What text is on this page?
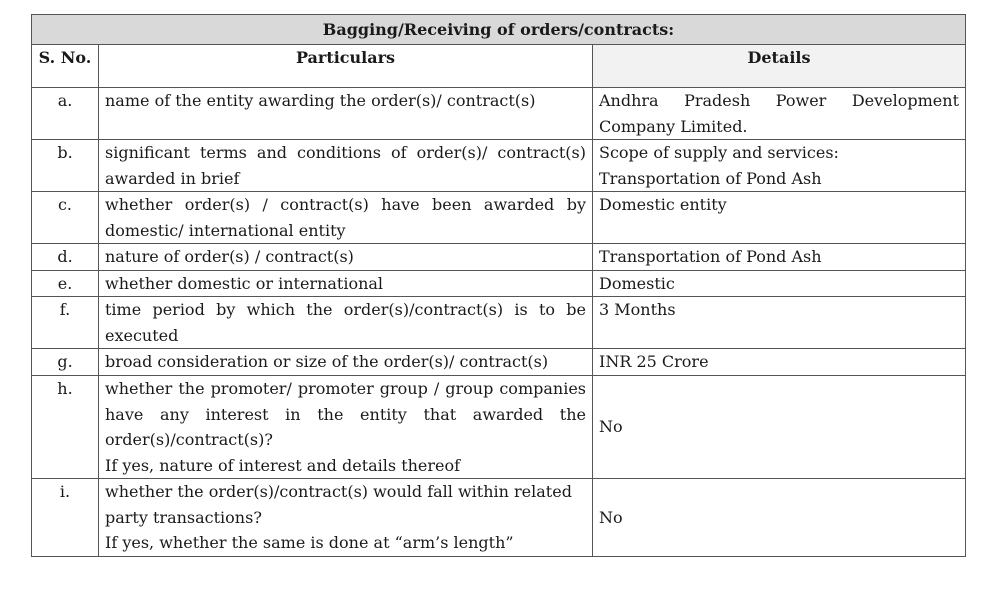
Bagging/Receiving of orders/contracts:		
S. No.	Particulars	Details
a.	name of the entity awarding the order(s)/ contract(s)	Andhra Pradesh Power Development
Company Limited.

b.	significant terms and conditions of order(s)/ contract(s) awarded in brief	Scope of supply and services:
Transportation of Pond Ash

c.	whether order(s) / contract(s) have been awarded by domestic/ international entity	Domestic entity
d.	nature of order(s) / contract(s)	Transportation of Pond Ash
e.	whether domestic or international	Domestic
f.	time period by which the order(s)/contract(s) is to be executed	3 Months
g.	broad consideration or size of the order(s)/ contract(s)	INR 25 Crore
h.	whether the promoter/ promoter group / group companies have any interest in the entity that awarded the order(s)/contract(s)?
If yes, nature of interest and details thereof	No
i.	whether the order(s)/contract(s) would fall within related party transactions?
If yes, whether the same is done at “arm’s length”	No
